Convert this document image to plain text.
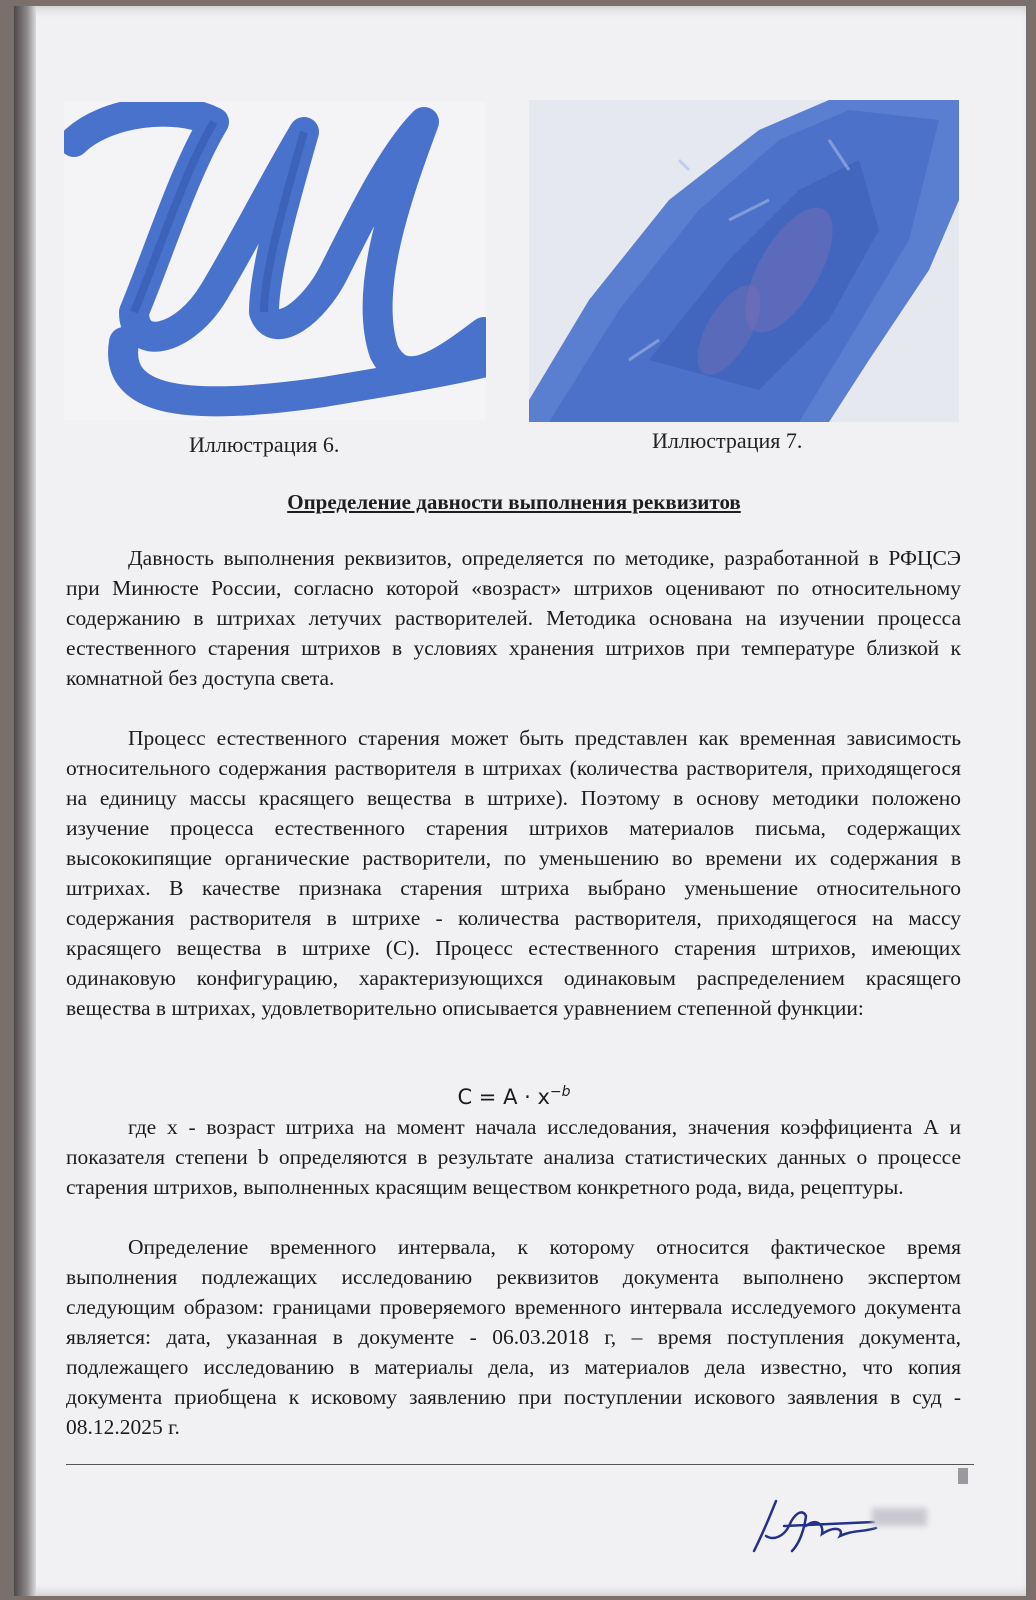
Иллюстрация 6.	Иллюстрация 7.
Определение давности выполнения реквизитов

Давность выполнения реквизитов, определяется по методике, разработанной в РФЦСЭ при Минюсте России, согласно которой «возраст» штрихов оценивают по относительному содержанию в штрихах летучих растворителей. Методика основана на изучении процесса естественного старения штрихов в условиях хранения штрихов при температуре близкой к комнатной без доступа света.

Процесс естественного старения может быть представлен как временная зависимость относительного содержания растворителя в штрихах (количества растворителя, приходящегося на единицу массы красящего вещества в штрихе). Поэтому в основу методики положено изучение процесса естественного старения штрихов материалов письма, содержащих высококипящие органические растворители, по уменьшению во времени их содержания в штрихах. В качестве признака старения штриха выбрано уменьшение относительного содержания растворителя в штрихе - количества растворителя, приходящегося на массу красящего вещества в штрихе (С). Процесс естественного старения штрихов, имеющих одинаковую конфигурацию, характеризующихся одинаковым распределением красящего вещества в штрихах, удовлетворительно описывается уравнением степенной функции:

$C = A \cdot x^{-b}$

где x - возраст штриха на момент начала исследования, значения коэффициента А и показателя степени b определяются в результате анализа статистических данных о процессе старения штрихов, выполненных красящим веществом конкретного рода, вида, рецептуры.

Определение временного интервала, к которому относится фактическое время выполнения подлежащих исследованию реквизитов документа выполнено экспертом следующим образом: границами проверяемого временного интервала исследуемого документа является: дата, указанная в документе - 06.03.2018 г, – время поступления документа, подлежащего исследованию в материалы дела, из материалов дела известно, что копия документа приобщена к исковому заявлению при поступлении искового заявления в суд - 08.12.2025 г.
